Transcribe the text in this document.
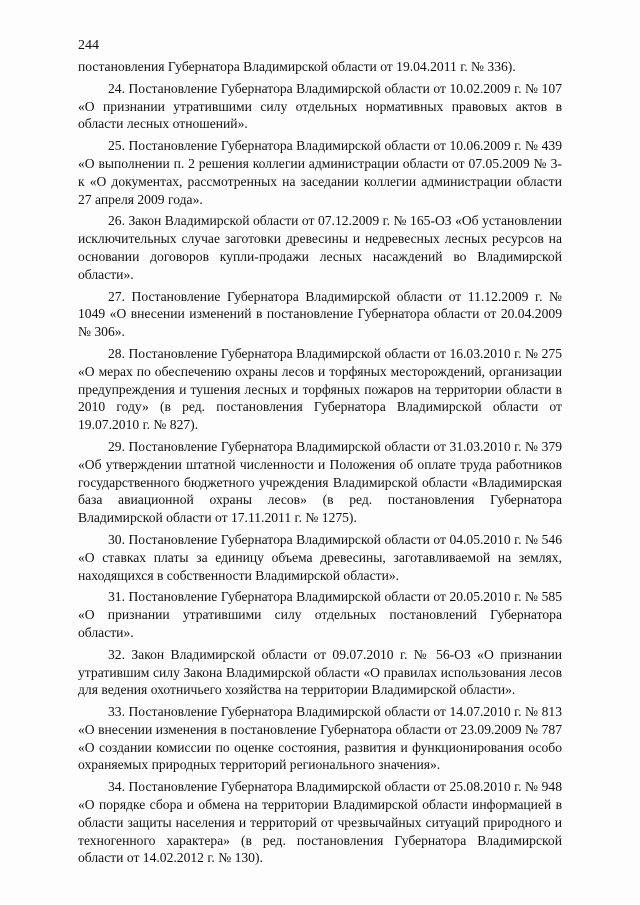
244

постановления Губернатора Владимирской области от 19.04.2011 г. № 336).

24. Постановление Губернатора Владимирской области от 10.02.2009 г. № 107 «О признании утратившими силу отдельных нормативных правовых актов в области лесных отношений».

25. Постановление Губернатора Владимирской области от 10.06.2009 г. № 439 «О выполнении п. 2 решения коллегии администрации области от 07.05.2009 № 3-к «О документах, рассмотренных на заседании коллегии администрации области 27 апреля 2009 года».

26. Закон Владимирской области от 07.12.2009 г. № 165-ОЗ «Об установлении исключительных случае заготовки древесины и недревесных лесных ресурсов на основании договоров купли-продажи лесных насаждений во Владимирской области».

27. Постановление Губернатора Владимирской области от 11.12.2009 г. № 1049 «О внесении изменений в постановление Губернатора области от 20.04.2009 № 306».

28. Постановление Губернатора Владимирской области от 16.03.2010 г. № 275 «О мерах по обеспечению охраны лесов и торфяных месторождений, организации предупреждения и тушения лесных и торфяных пожаров на территории области в 2010 году» (в ред. постановления Губернатора Владимирской области от 19.07.2010 г. № 827).

29. Постановление Губернатора Владимирской области от 31.03.2010 г. № 379 «Об утверждении штатной численности и Положения об оплате труда работников государственного бюджетного учреждения Владимирской области «Владимирская база авиационной охраны лесов» (в ред. постановления Губернатора Владимирской области от 17.11.2011 г. № 1275).

30. Постановление Губернатора Владимирской области от 04.05.2010 г. № 546 «О ставках платы за единицу объема древесины, заготавливаемой на землях, находящихся в собственности Владимирской области».

31. Постановление Губернатора Владимирской области от 20.05.2010 г. № 585 «О признании утратившими силу отдельных постановлений Губернатора области».

32. Закон Владимирской области от 09.07.2010 г. № 56-ОЗ «О признании утратившим силу Закона Владимирской области «О правилах использования лесов для ведения охотничьего хозяйства на территории Владимирской области».

33. Постановление Губернатора Владимирской области от 14.07.2010 г. № 813 «О внесении изменения в постановление Губернатора области от 23.09.2009 № 787 «О создании комиссии по оценке состояния, развития и функционирования особо охраняемых природных территорий регионального значения».

34. Постановление Губернатора Владимирской области от 25.08.2010 г. № 948 «О порядке сбора и обмена на территории Владимирской области информацией в области защиты населения и территорий от чрезвычайных ситуаций природного и техногенного характера» (в ред. постановления Губернатора Владимирской области от 14.02.2012 г. № 130).
